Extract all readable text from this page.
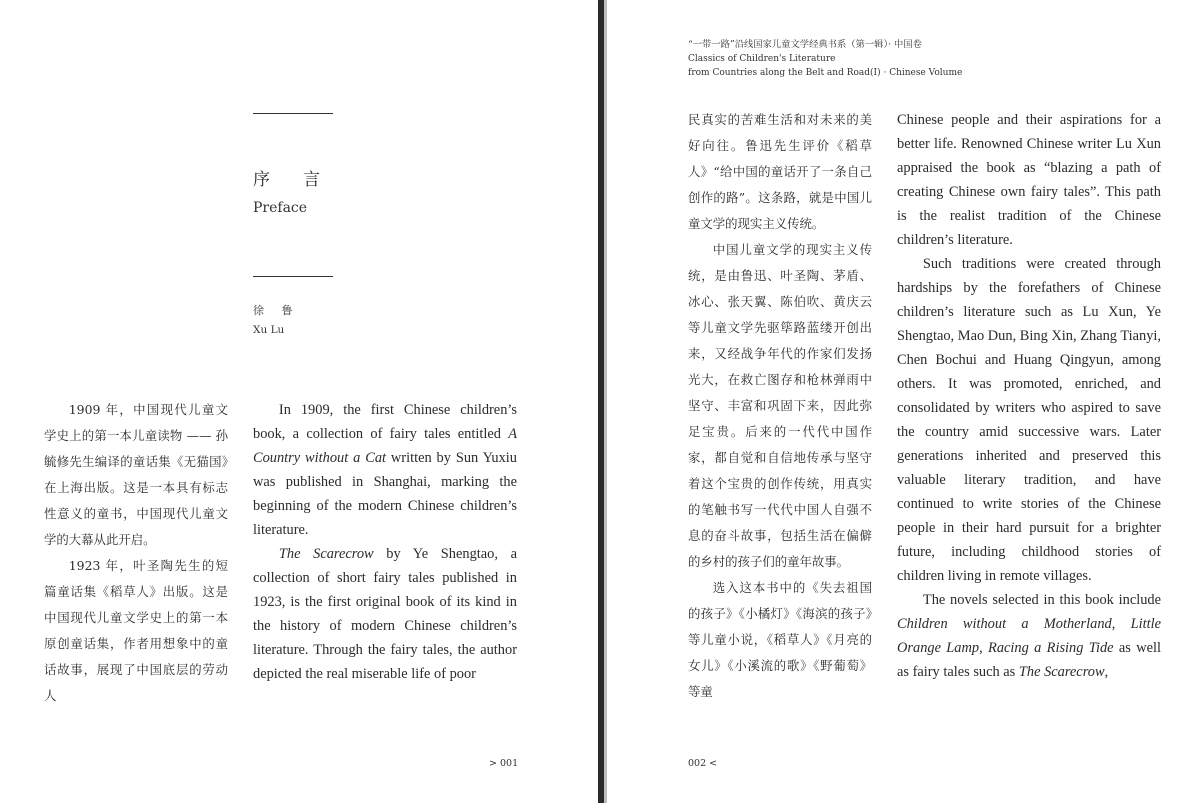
序　言
Preface
徐 鲁
Xu Lu

1909 年，中国现代儿童文学史上的第一本儿童读物 —— 孙毓修先生编译的童话集《无猫国》在上海出版。这是一本具有标志性意义的童书，中国现代儿童文学的大幕从此开启。

1923 年，叶圣陶先生的短篇童话集《稻草人》出版。这是中国现代儿童文学史上的第一本原创童话集，作者用想象中的童话故事，展现了中国底层的劳动人

In 1909, the first Chinese children’s book, a collection of fairy tales entitled A Country without a Cat written by Sun Yuxiu was published in Shanghai, marking the beginning of the modern Chinese children’s literature.

The Scarecrow by Ye Shengtao, a collection of short fairy tales published in 1923, is the first original book of its kind in the history of modern Chinese children’s literature. Through the fairy tales, the author depicted the real miserable life of poor

> 001
“一带一路”沿线国家儿童文学经典书系（第一辑）· 中国卷
Classics of Children's Literature
from Countries along the Belt and Road(I) · Chinese Volume

民真实的苦难生活和对未来的美好向往。鲁迅先生评价《稻草人》“给中国的童话开了一条自己创作的路”。这条路，就是中国儿童文学的现实主义传统。

中国儿童文学的现实主义传统，是由鲁迅、叶圣陶、茅盾、冰心、张天翼、陈伯吹、黄庆云等儿童文学先驱筚路蓝缕开创出来，又经战争年代的作家们发扬光大，在救亡图存和枪林弹雨中坚守、丰富和巩固下来，因此弥足宝贵。后来的一代代中国作家，都自觉和自信地传承与坚守着这个宝贵的创作传统，用真实的笔触书写一代代中国人自强不息的奋斗故事，包括生活在偏僻的乡村的孩子们的童年故事。

选入这本书中的《失去祖国的孩子》《小橘灯》《海滨的孩子》等儿童小说，《稻草人》《月亮的女儿》《小溪流的歌》《野葡萄》等童

Chinese people and their aspirations for a better life. Renowned Chinese writer Lu Xun appraised the book as “blazing a path of creating Chinese own fairy tales”. This path is the realist tradition of the Chinese children’s literature.

Such traditions were created through hardships by the forefathers of Chinese children’s literature such as Lu Xun, Ye Shengtao, Mao Dun, Bing Xin, Zhang Tianyi, Chen Bochui and Huang Qingyun, among others. It was promoted, enriched, and consolidated by writers who aspired to save the country amid successive wars. Later generations inherited and preserved this valuable literary tradition, and have continued to write stories of the Chinese people in their hard pursuit for a brighter future, including childhood stories of children living in remote villages.

The novels selected in this book include Children without a Motherland, Little Orange Lamp, Racing a Rising Tide as well as fairy tales such as The Scarecrow,

002 <
